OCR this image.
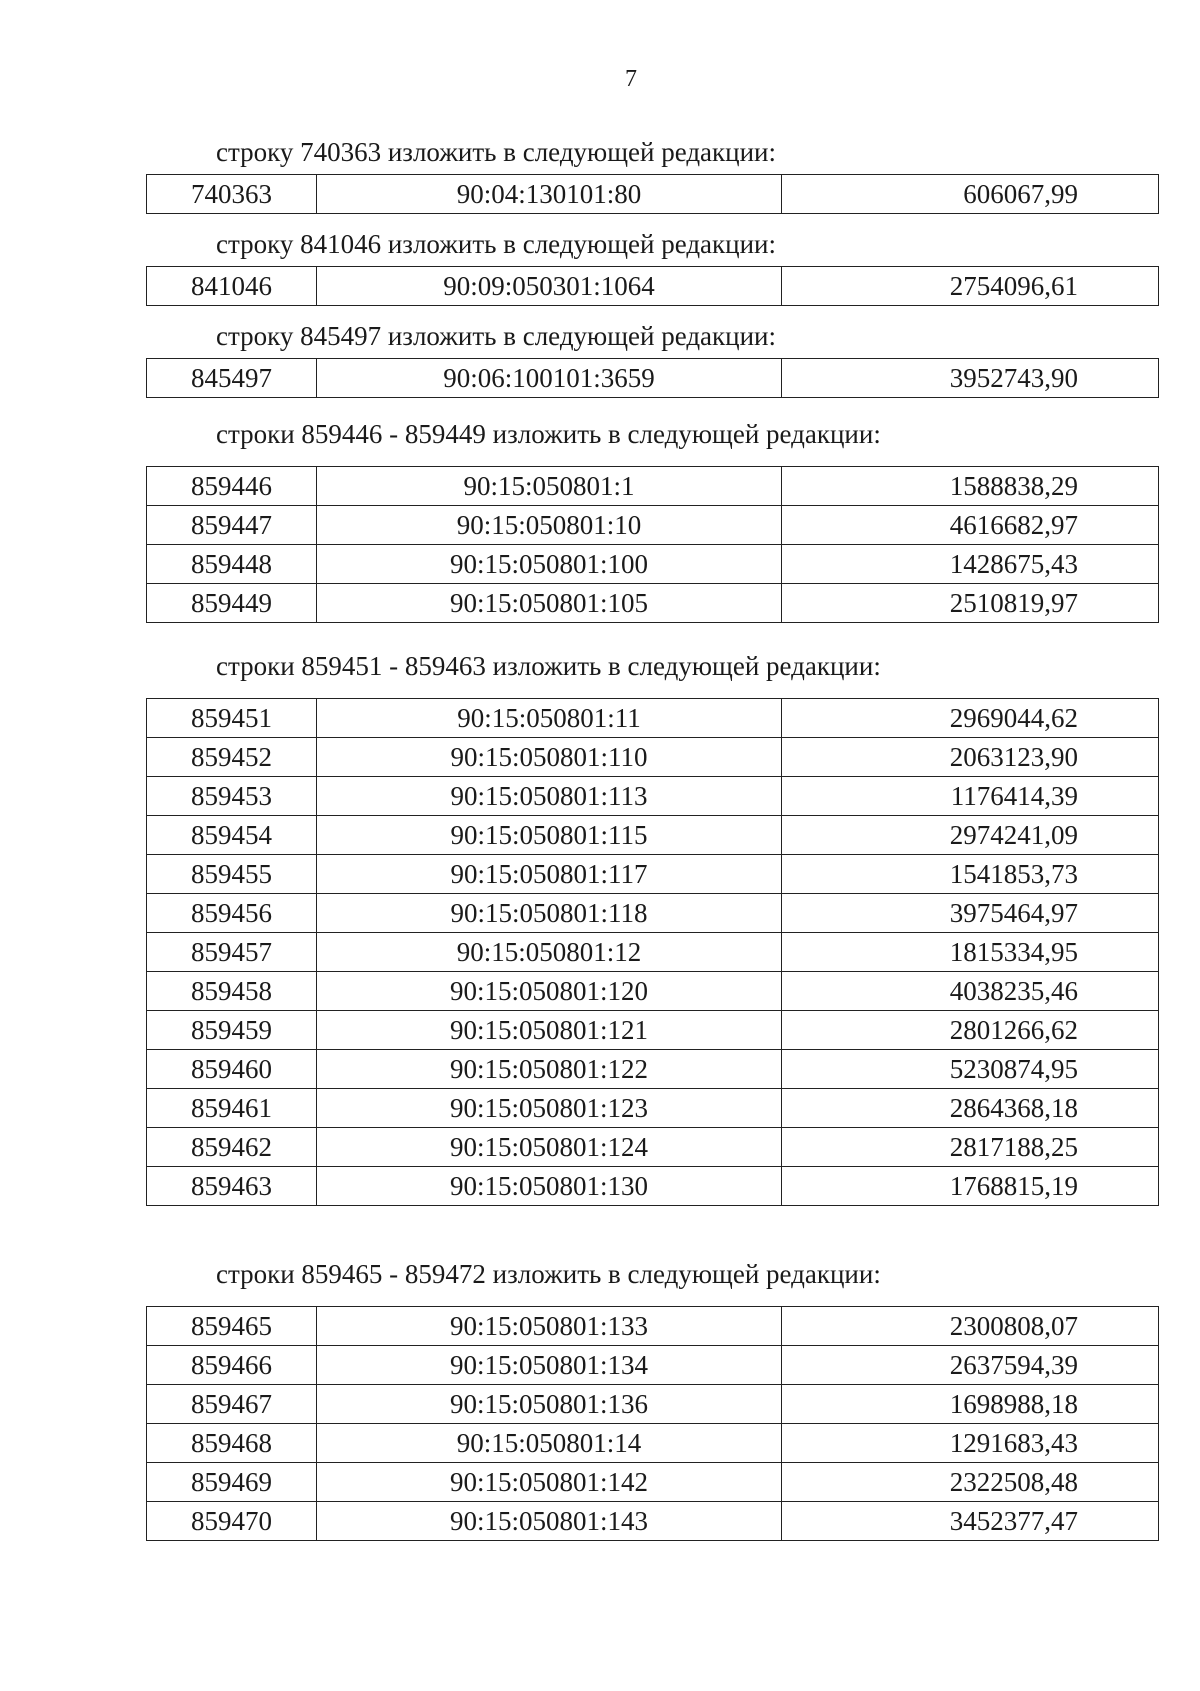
7

строку 740363 изложить в следующей редакции:

740363	90:04:130101:80	606067,99

строку 841046 изложить в следующей редакции:

841046	90:09:050301:1064	2754096,61

строку 845497 изложить в следующей редакции:

845497	90:06:100101:3659	3952743,90

строки 859446 - 859449 изложить в следующей редакции:

859446	90:15:050801:1	1588838,29
859447	90:15:050801:10	4616682,97
859448	90:15:050801:100	1428675,43
859449	90:15:050801:105	2510819,97

строки 859451 - 859463 изложить в следующей редакции:

859451	90:15:050801:11	2969044,62
859452	90:15:050801:110	2063123,90
859453	90:15:050801:113	1176414,39
859454	90:15:050801:115	2974241,09
859455	90:15:050801:117	1541853,73
859456	90:15:050801:118	3975464,97
859457	90:15:050801:12	1815334,95
859458	90:15:050801:120	4038235,46
859459	90:15:050801:121	2801266,62
859460	90:15:050801:122	5230874,95
859461	90:15:050801:123	2864368,18
859462	90:15:050801:124	2817188,25
859463	90:15:050801:130	1768815,19

строки 859465 - 859472 изложить в следующей редакции:

859465	90:15:050801:133	2300808,07
859466	90:15:050801:134	2637594,39
859467	90:15:050801:136	1698988,18
859468	90:15:050801:14	1291683,43
859469	90:15:050801:142	2322508,48
859470	90:15:050801:143	3452377,47
